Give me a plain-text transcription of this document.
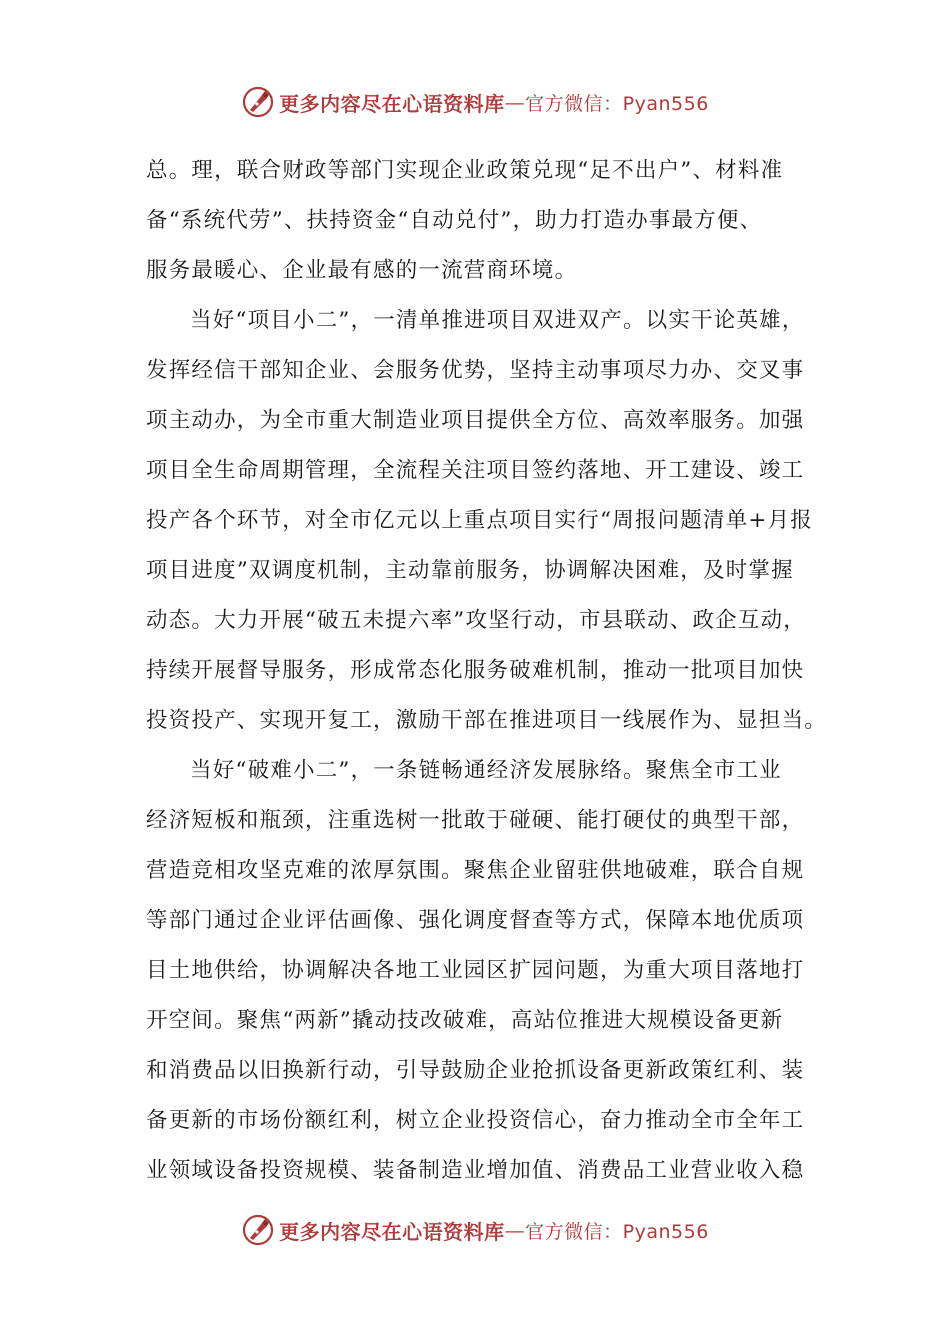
更多内容尽在心语资料库 — 官方微信：Pyan556
总。理，联合财政等部门实现企业政策兑现“足不出户”、材料准
备“系统代劳”、扶持资金“自动兑付”，助力打造办事最方便、
服务最暖心、企业最有感的一流营商环境。
当好“项目小二”，一清单推进项目双进双产。以实干论英雄，
发挥经信干部知企业、会服务优势，坚持主动事项尽力办、交叉事
项主动办，为全市重大制造业项目提供全方位、高效率服务。加强
项目全生命周期管理，全流程关注项目签约落地、开工建设、竣工
投产各个环节，对全市亿元以上重点项目实行“周报问题清单+月报
项目进度”双调度机制，主动靠前服务，协调解决困难，及时掌握
动态。大力开展“破五未提六率”攻坚行动，市县联动、政企互动，
持续开展督导服务，形成常态化服务破难机制，推动一批项目加快
投资投产、实现开复工，激励干部在推进项目一线展作为、显担当。
当好“破难小二”，一条链畅通经济发展脉络。聚焦全市工业
经济短板和瓶颈，注重选树一批敢于碰硬、能打硬仗的典型干部，
营造竞相攻坚克难的浓厚氛围。聚焦企业留驻供地破难，联合自规
等部门通过企业评估画像、强化调度督查等方式，保障本地优质项
目土地供给，协调解决各地工业园区扩园问题，为重大项目落地打
开空间。聚焦“两新”撬动技改破难，高站位推进大规模设备更新
和消费品以旧换新行动，引导鼓励企业抢抓设备更新政策红利、装
备更新的市场份额红利，树立企业投资信心，奋力推动全市全年工
业领域设备投资规模、装备制造业增加值、消费品工业营业收入稳
更多内容尽在心语资料库 — 官方微信：Pyan556
